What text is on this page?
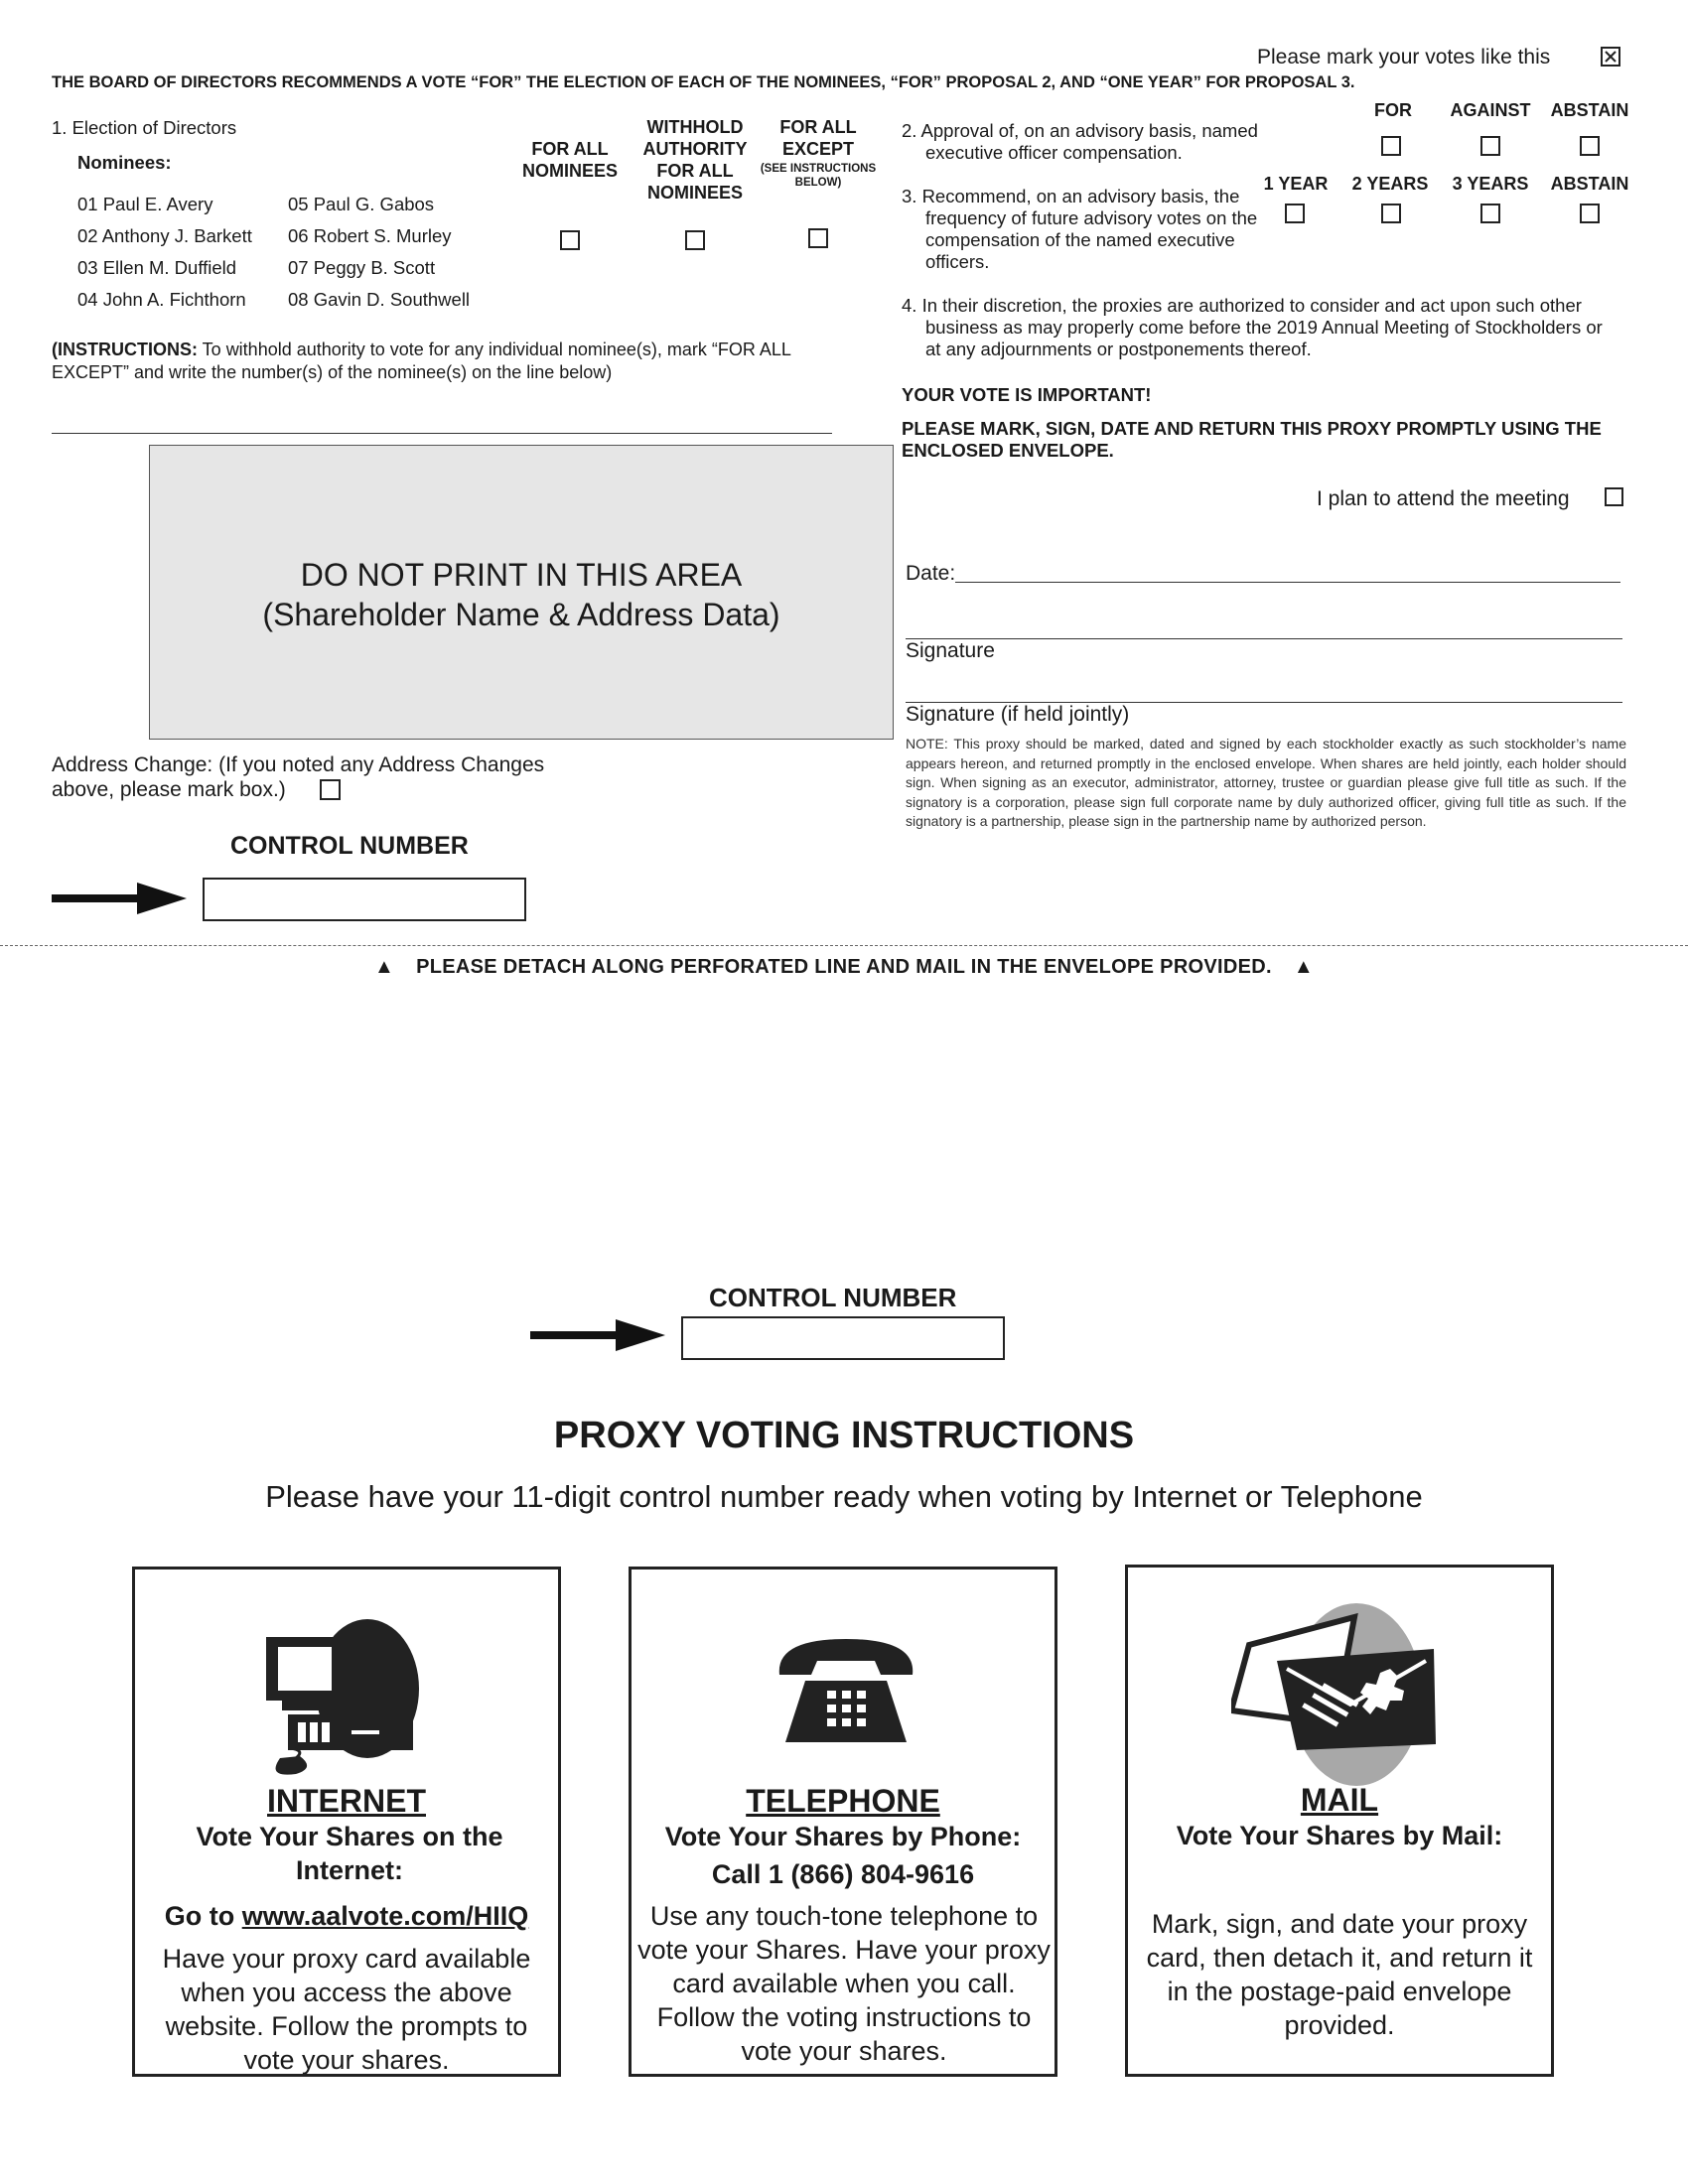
Please mark your votes like this
THE BOARD OF DIRECTORS RECOMMENDS A VOTE “FOR” THE ELECTION OF EACH OF THE NOMINEES, “FOR” PROPOSAL 2, AND “ONE YEAR” FOR PROPOSAL 3.
1. Election of Directors
Nominees:
01 Paul E. Avery
02 Anthony J. Barkett
03 Ellen M. Duffield
04 John A. Fichthorn
05 Paul G. Gabos
06 Robert S. Murley
07 Peggy B. Scott
08 Gavin D. Southwell
FOR ALL NOMINEES
WITHHOLD AUTHORITY FOR ALL NOMINEES
FOR ALL EXCEPT
(SEE INSTRUCTIONS BELOW)
(INSTRUCTIONS: To withhold authority to vote for any individual nominee(s), mark “FOR ALL EXCEPT” and write the number(s) of the nominee(s) on the line below)
2. Approval of, on an advisory basis, named executive officer compensation.
FOR	AGAINST	ABSTAIN
3. Recommend, on an advisory basis, the frequency of future advisory votes on the compensation of the named executive officers.
1 YEAR	2 YEARS	3 YEARS	ABSTAIN
4. In their discretion, the proxies are authorized to consider and act upon such other business as may properly come before the 2019 Annual Meeting of Stockholders or at any adjournments or postponements thereof.
YOUR VOTE IS IMPORTANT!
PLEASE MARK, SIGN, DATE AND RETURN THIS PROXY PROMPTLY USING THE ENCLOSED ENVELOPE.
I plan to attend the meeting
DO NOT PRINT IN THIS AREA
(Shareholder Name & Address Data)
Date:
Signature
Signature (if held jointly)
NOTE: This proxy should be marked, dated and signed by each stockholder exactly as such stockholder’s name appears hereon, and returned promptly in the enclosed envelope. When shares are held jointly, each holder should sign. When signing as an executor, administrator, attorney, trustee or guardian please give full title as such. If the signatory is a corporation, please sign full corporate name by duly authorized officer, giving full title as such. If the signatory is a partnership, please sign in the partnership name by authorized person.
Address Change: (If you noted any Address Changes above, please mark box.)
CONTROL NUMBER
▲ PLEASE DETACH ALONG PERFORATED LINE AND MAIL IN THE ENVELOPE PROVIDED. ▲
CONTROL NUMBER
PROXY VOTING INSTRUCTIONS
Please have your 11-digit control number ready when voting by Internet or Telephone
INTERNET
Vote Your Shares on the Internet:
Go to www.aalvote.com/HIIQ
Have your proxy card available when you access the above website. Follow the prompts to vote your shares.
TELEPHONE
Vote Your Shares by Phone:
Call 1 (866) 804-9616
Use any touch-tone telephone to vote your Shares. Have your proxy card available when you call. Follow the voting instructions to vote your shares.
MAIL
Vote Your Shares by Mail:
Mark, sign, and date your proxy card, then detach it, and return it in the postage-paid envelope provided.
